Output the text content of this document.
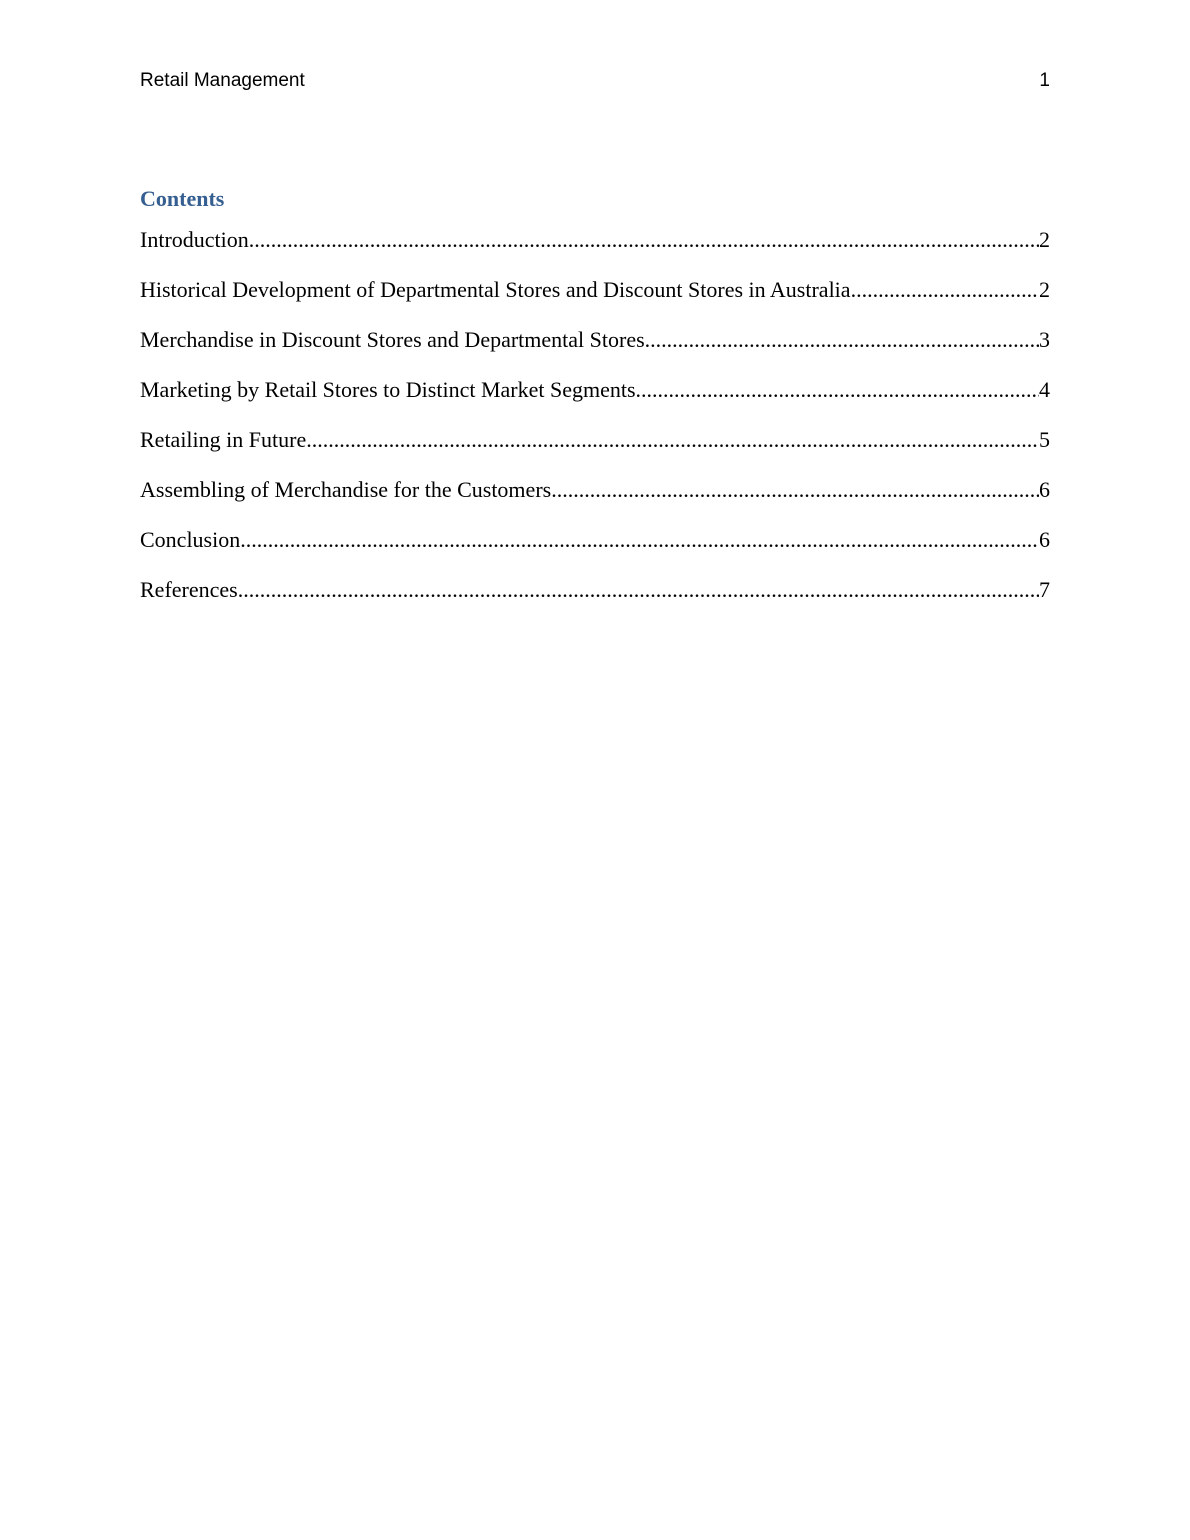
Retail Management	1
Contents
Introduction .....	2
Historical Development of Departmental Stores and Discount Stores in Australia .....	2
Merchandise in Discount Stores and Departmental Stores .....	3
Marketing by Retail Stores to Distinct Market Segments .....	4
Retailing in Future .....	5
Assembling of Merchandise for the Customers .....	6
Conclusion .....	6
References .....	7
